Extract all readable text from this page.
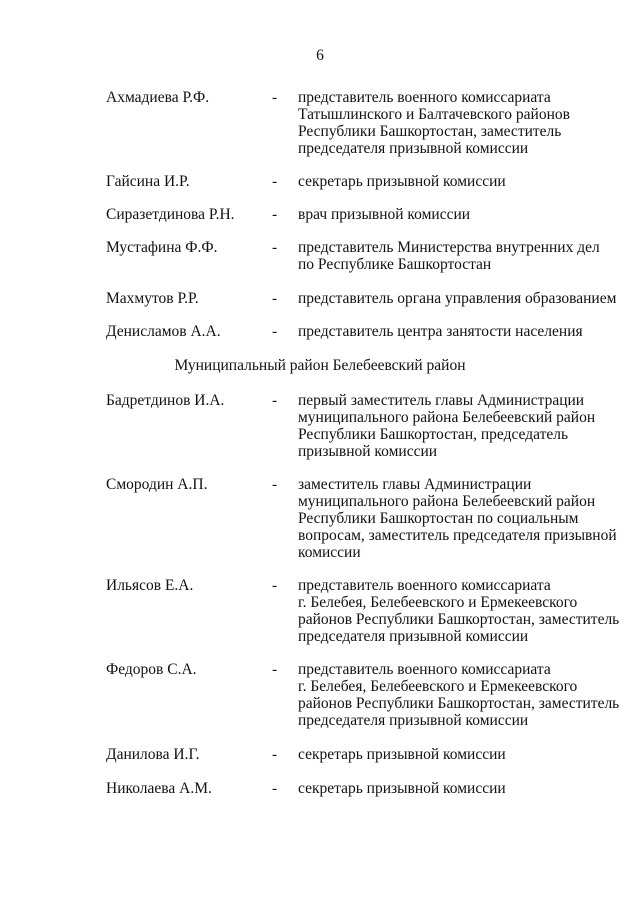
6
Ахмадиева Р.Ф.	- представитель военного комиссариата
Татышлинского и Балтачевского районов
Республики Башкортостан, заместитель
председателя призывной комиссии
Гайсина И.Р.	- секретарь призывной комиссии
Сиразетдинова Р.Н. - врач призывной комиссии
Мустафина Ф.Ф.	- представитель Министерства внутренних дел
по Республике Башкортостан
Махмутов Р.Р.	- представитель органа управления образованием
Денисламов А.А.	- представитель центра занятости населения
Муниципальный район Белебеевский район
Бадретдинов И.А.	- первый заместитель главы Администрации
муниципального района Белебеевский район
Республики Башкортостан, председатель
призывной комиссии
Смородин А.П.	- заместитель главы Администрации
муниципального района Белебеевский район
Республики Башкортостан по социальным
вопросам, заместитель председателя призывной
комиссии
Ильясов Е.А.	- представитель военного комиссариата
г. Белебея, Белебеевского и Ермекеевского
районов Республики Башкортостан, заместитель
председателя призывной комиссии
Федоров С.А.	- представитель военного комиссариата
г. Белебея, Белебеевского и Ермекеевского
районов Республики Башкортостан, заместитель
председателя призывной комиссии
Данилова И.Г.	- секретарь призывной комиссии
Николаева А.М.	- секретарь призывной комиссии
